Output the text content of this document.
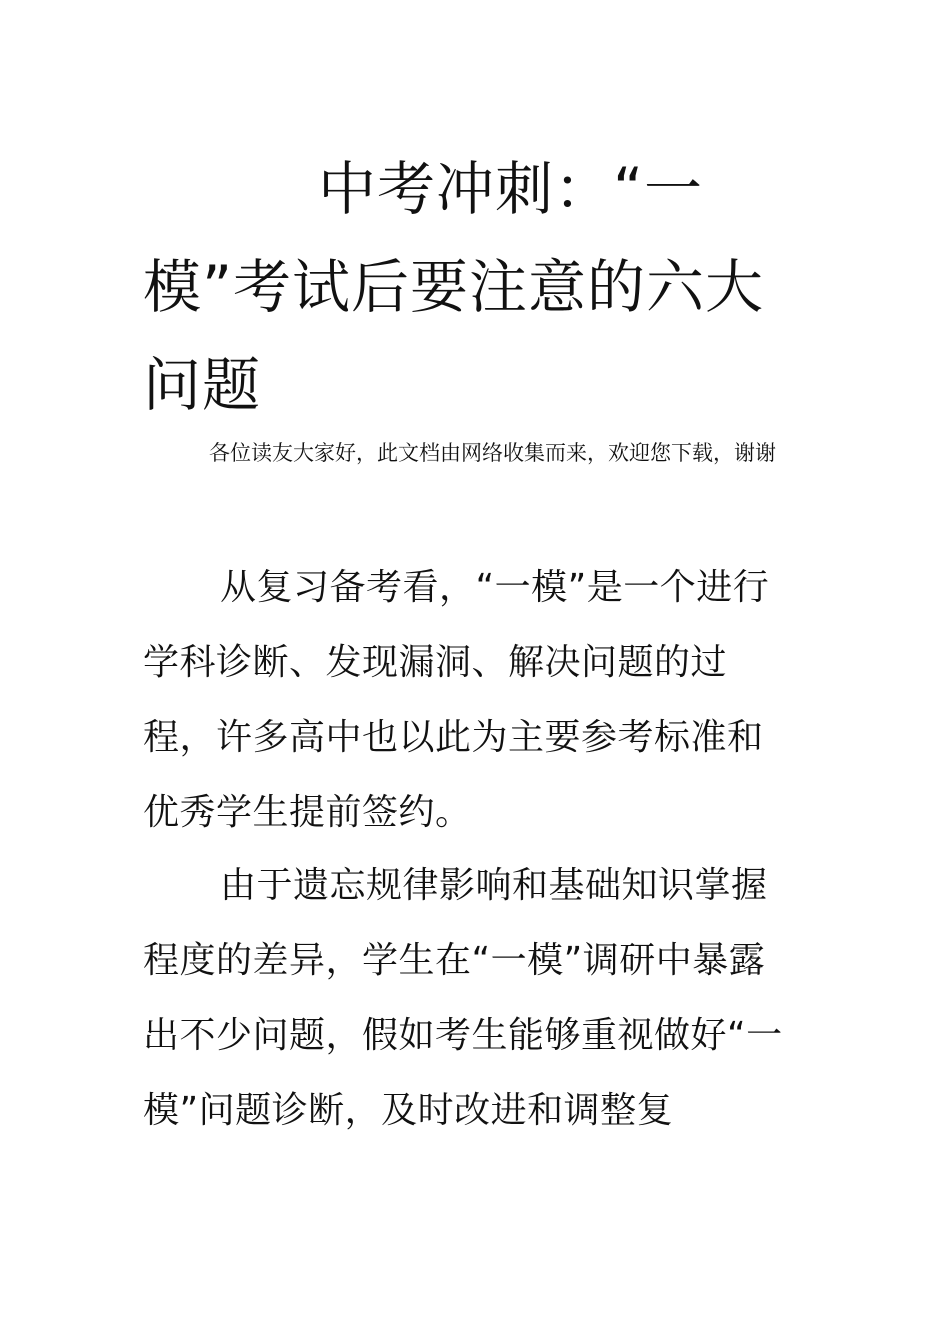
中考冲刺：“一模”考试后要注意的六大问题

各位读友大家好，此文档由网络收集而来，欢迎您下载，谢谢

从复习备考看，“一模”是一个进行学科诊断、发现漏洞、解决问题的过程，许多高中也以此为主要参考标准和优秀学生提前签约。

由于遗忘规律影响和基础知识掌握程度的差异，学生在“一模”调研中暴露出不少问题，假如考生能够重视做好“一模”问题诊断，及时改进和调整复
